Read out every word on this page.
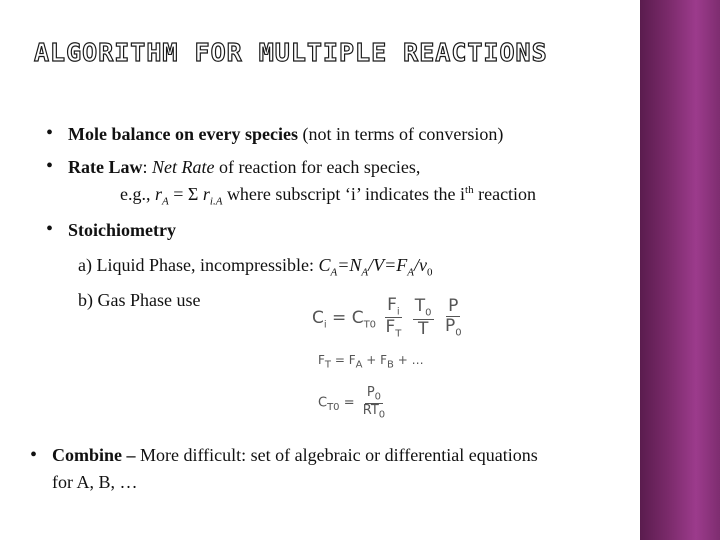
ALGORITHM FOR MULTIPLE REACTIONS
• Mole balance on every species (not in terms of conversion)
• Rate Law: Net Rate of reaction for each species,
e.g., $r_A = \Sigma$ $r_{i.A}$ where subscript ‘i’ indicates the $i^{th}$ reaction
• Stoichiometry
a) Liquid Phase, incompressible: $C_A=N_A/V=F_A/v_0$
b) Gas Phase use
$C_i = C_{T0} \frac{F_i}{F_T}$
$\frac{T_0}{T}$
$\frac{P}{P_0}$
$F_T = F_A + F_B$ + …
$C_{T0} = \frac{P_0}{RT_0}$
• Combine – More difficult: set of algebraic or differential equations
for A, B, …
